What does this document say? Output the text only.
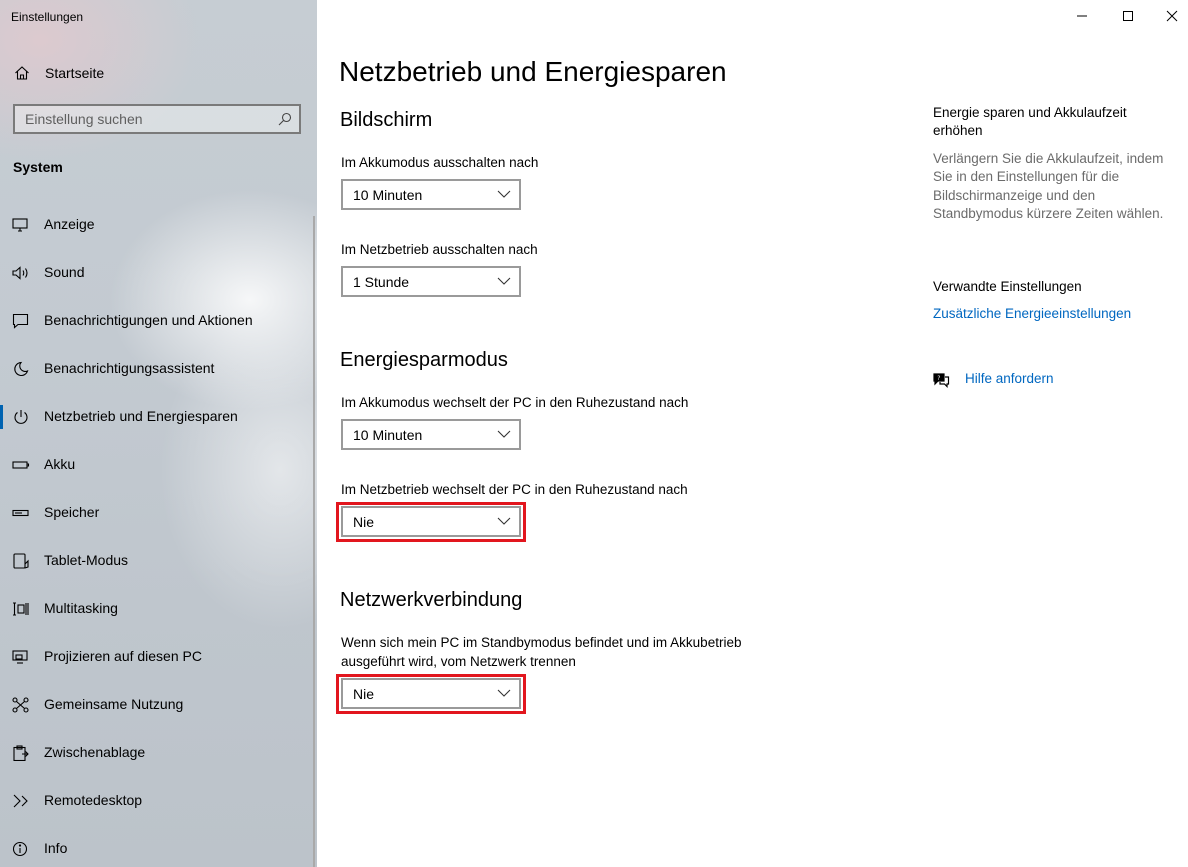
Einstellungen
Startseite
Einstellung suchen
System
Anzeige
Sound
Benachrichtigungen und Aktionen
Benachrichtigungsassistent
Netzbetrieb und Energiesparen
Akku
Speicher
Tablet-Modus
Multitasking
Projizieren auf diesen PC
Gemeinsame Nutzung
Zwischenablage
Remotedesktop
Info
Netzbetrieb und Energiesparen
Bildschirm
Im Akkumodus ausschalten nach
10 Minuten
Im Netzbetrieb ausschalten nach
1 Stunde
Energiesparmodus
Im Akkumodus wechselt der PC in den Ruhezustand nach
10 Minuten
Im Netzbetrieb wechselt der PC in den Ruhezustand nach
Nie
Netzwerkverbindung
Wenn sich mein PC im Standbymodus befindet und im Akkubetrieb
ausgeführt wird, vom Netzwerk trennen
Nie
Energie sparen und Akkulaufzeit
erhöhen
Verlängern Sie die Akkulaufzeit, indem
Sie in den Einstellungen für die
Bildschirmanzeige und den
Standbymodus kürzere Zeiten wählen.
Verwandte Einstellungen
Zusätzliche Energieeinstellungen
? Hilfe anfordern
